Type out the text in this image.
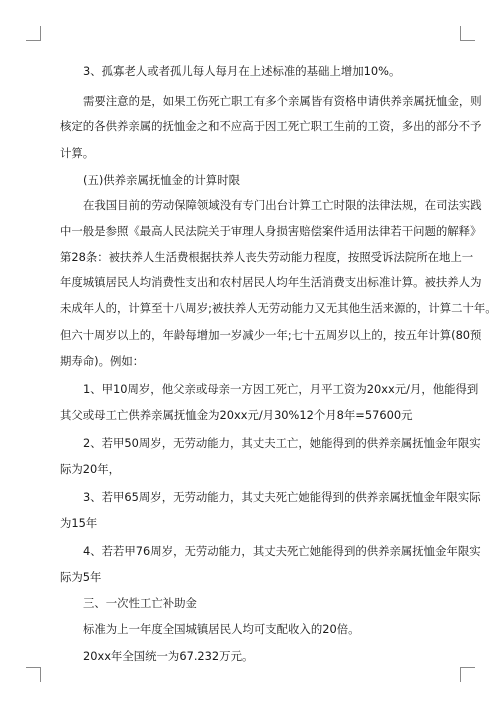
3、孤寡老人或者孤儿每人每月在上述标准的基础上增加10%。
需要注意的是，如果工伤死亡职工有多个亲属皆有资格申请供养亲属抚恤金，则
核定的各供养亲属的抚恤金之和不应高于因工死亡职工生前的工资，多出的部分不予
计算。
(五)供养亲属抚恤金的计算时限
在我国目前的劳动保障领域没有专门出台计算工亡时限的法律法规，在司法实践
中一般是参照《最高人民法院关于审理人身损害赔偿案件适用法律若干问题的解释》
第28条：被扶养人生活费根据扶养人丧失劳动能力程度，按照受诉法院所在地上一
年度城镇居民人均消费性支出和农村居民人均年生活消费支出标准计算。被扶养人为
未成年人的，计算至十八周岁;被扶养人无劳动能力又无其他生活来源的，计算二十年。
但六十周岁以上的，年龄每增加一岁减少一年;七十五周岁以上的，按五年计算(80预
期寿命)。例如：
1、甲10周岁，他父亲或母亲一方因工死亡，月平工资为20xx元/月，他能得到
其父或母工亡供养亲属抚恤金为20xx元/月30%12个月8年=57600元
2、若甲50周岁，无劳动能力，其丈夫工亡，她能得到的供养亲属抚恤金年限实
际为20年，
3、若甲65周岁，无劳动能力，其丈夫死亡她能得到的供养亲属抚恤金年限实际
为15年
4、若若甲76周岁，无劳动能力，其丈夫死亡她能得到的供养亲属抚恤金年限实
际为5年
三、一次性工亡补助金
标准为上一年度全国城镇居民人均可支配收入的20倍。
20xx年全国统一为67.232万元。
